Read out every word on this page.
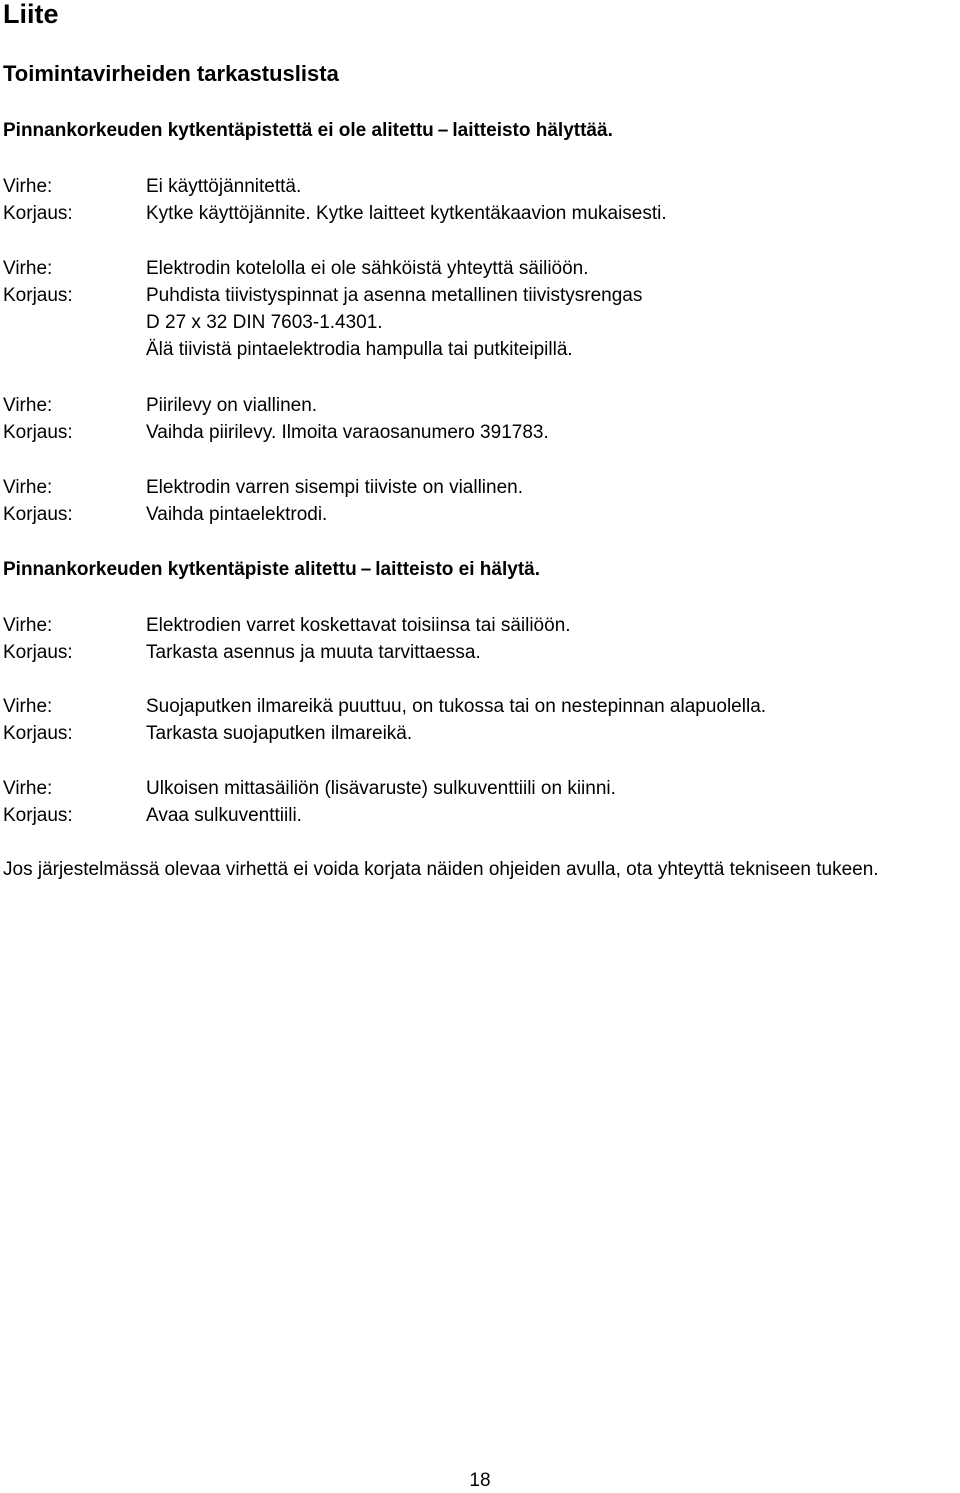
Liite
Toimintavirheiden tarkastuslista
Pinnankorkeuden kytkentäpistettä ei ole alitettu – laitteisto hälyttää.
Virhe:	Ei käyttöjännitettä.
Korjaus:	Kytke käyttöjännite. Kytke laitteet kytkentäkaavion mukaisesti.
Virhe:	Elektrodin kotelolla ei ole sähköistä yhteyttä säiliöön.
Korjaus:	Puhdista tiivistyspinnat ja asenna metallinen tiivistysrengas
D 27 x 32 DIN 7603-1.4301.
Älä tiivistä pintaelektrodia hampulla tai putkiteipillä.
Virhe:	Piirilevy on viallinen.
Korjaus:	Vaihda piirilevy. Ilmoita varaosanumero 391783.
Virhe:	Elektrodin varren sisempi tiiviste on viallinen.
Korjaus:	Vaihda pintaelektrodi.
Pinnankorkeuden kytkentäpiste alitettu – laitteisto ei hälytä.
Virhe:	Elektrodien varret koskettavat toisiinsa tai säiliöön.
Korjaus:	Tarkasta asennus ja muuta tarvittaessa.
Virhe:	Suojaputken ilmareikä puuttuu, on tukossa tai on nestepinnan alapuolella.
Korjaus:	Tarkasta suojaputken ilmareikä.
Virhe:	Ulkoisen mittasäiliön (lisävaruste) sulkuventtiili on kiinni.
Korjaus:	Avaa sulkuventtiili.

Jos järjestelmässä olevaa virhettä ei voida korjata näiden ohjeiden avulla, ota yhteyttä tekniseen tukeen.

18
